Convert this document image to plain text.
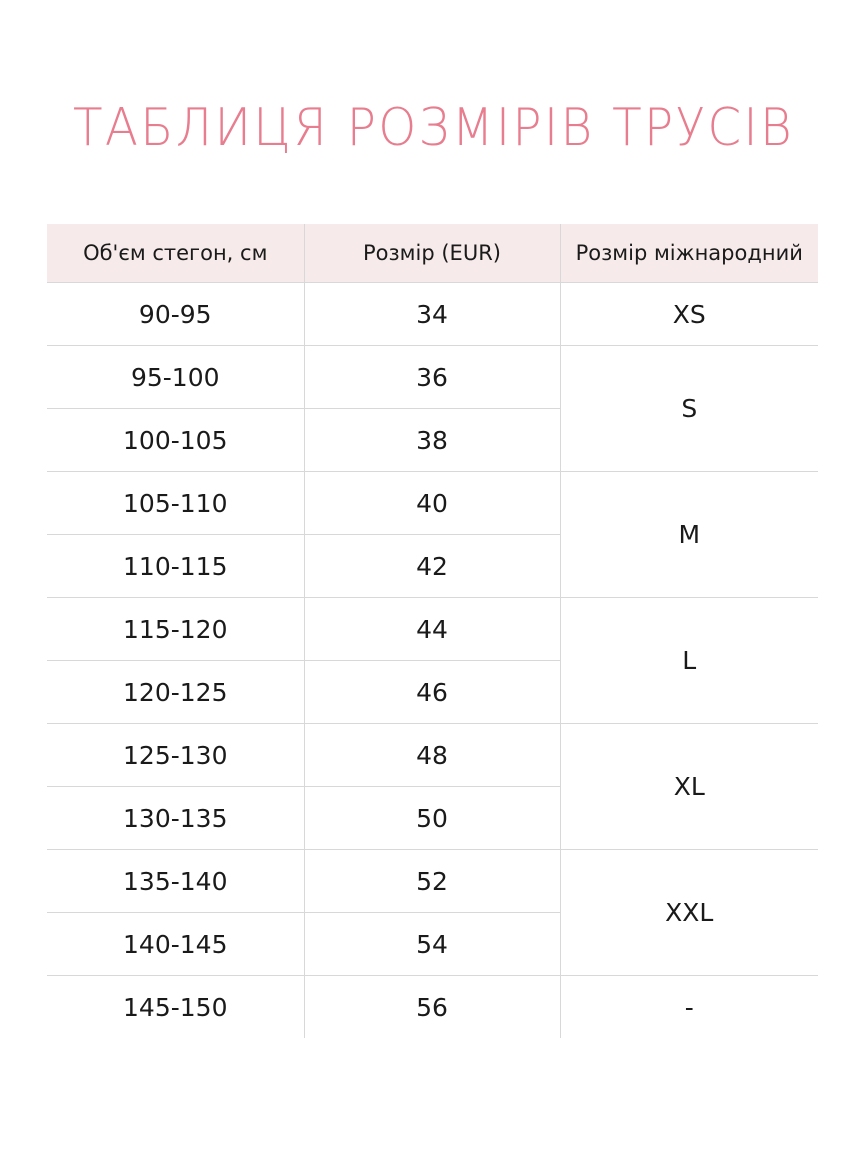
ТАБЛИЦЯ РОЗМІРІВ ТРУСІВ
Об'єм стегон, см	Розмір (EUR)	Розмір міжнародний
90-95	34	XS
95-100	36	S
100-105	38	
105-110	40	M
110-115	42	
115-120	44	L
120-125	46	
125-130	48	XL
130-135	50	
135-140	52	XXL
140-145	54	
145-150	56	-
